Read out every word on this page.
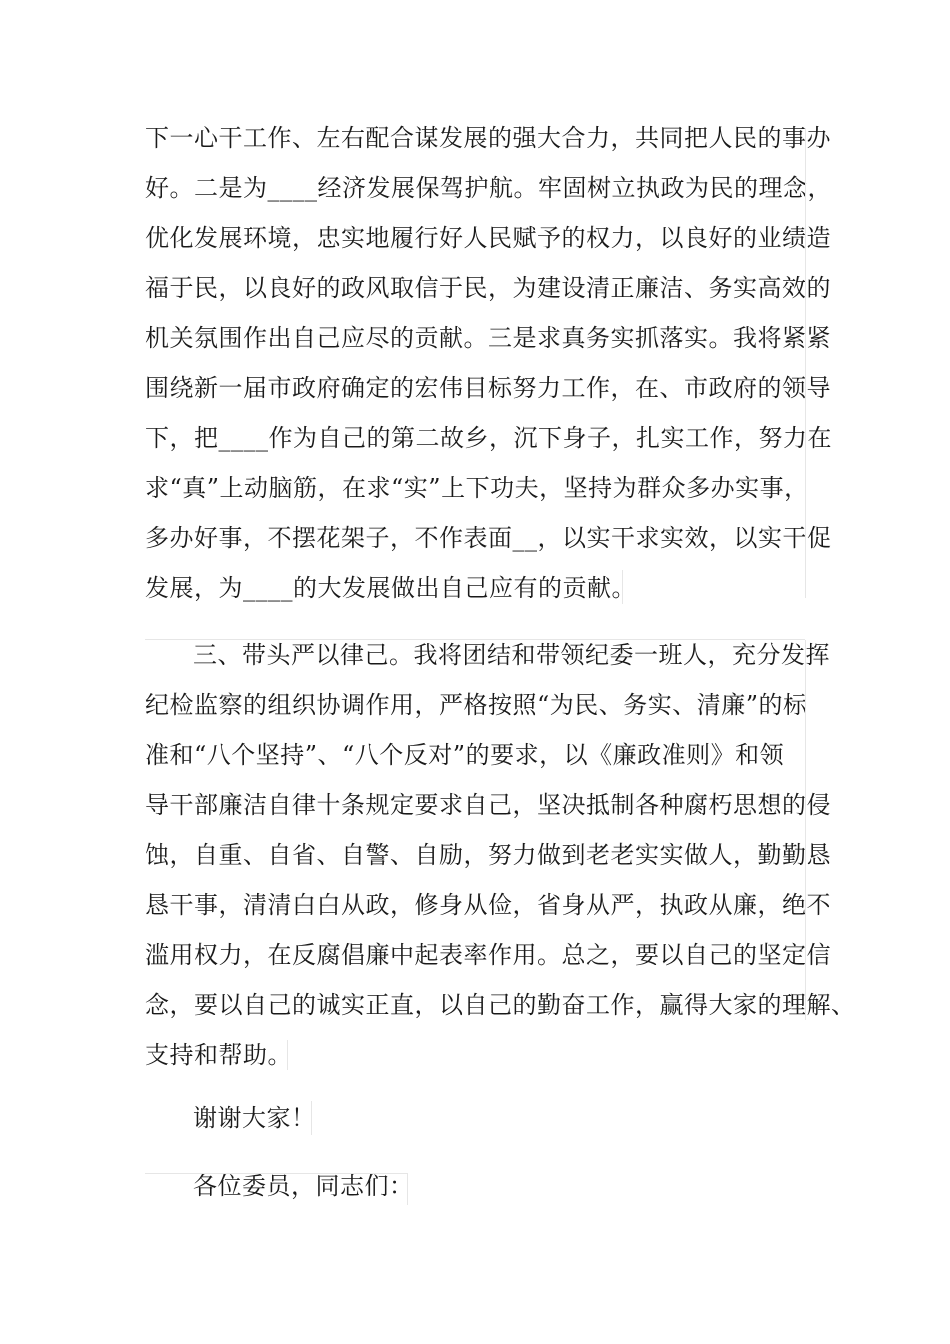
下一心干工作、左右配合谋发展的强大合力，共同把人民的事办
好。二是为____经济发展保驾护航。牢固树立执政为民的理念，
优化发展环境，忠实地履行好人民赋予的权力，以良好的业绩造
福于民，以良好的政风取信于民，为建设清正廉洁、务实高效的
机关氛围作出自己应尽的贡献。三是求真务实抓落实。我将紧紧
围绕新一届市政府确定的宏伟目标努力工作，在、市政府的领导
下，把____作为自己的第二故乡，沉下身子，扎实工作，努力在
求“真”上动脑筋，在求“实”上下功夫，坚持为群众多办实事，
多办好事，不摆花架子，不作表面__，以实干求实效，以实干促
发展，为____的大发展做出自己应有的贡献。
三、带头严以律己。我将团结和带领纪委一班人，充分发挥
纪检监察的组织协调作用，严格按照“为民、务实、清廉”的标
准和“八个坚持”、“八个反对”的要求，以《廉政准则》和领
导干部廉洁自律十条规定要求自己，坚决抵制各种腐朽思想的侵
蚀，自重、自省、自警、自励，努力做到老老实实做人，勤勤恳
恳干事，清清白白从政，修身从俭，省身从严，执政从廉，绝不
滥用权力，在反腐倡廉中起表率作用。总之，要以自己的坚定信
念，要以自己的诚实正直，以自己的勤奋工作，赢得大家的理解、
支持和帮助。
谢谢大家！
各位委员，同志们：
